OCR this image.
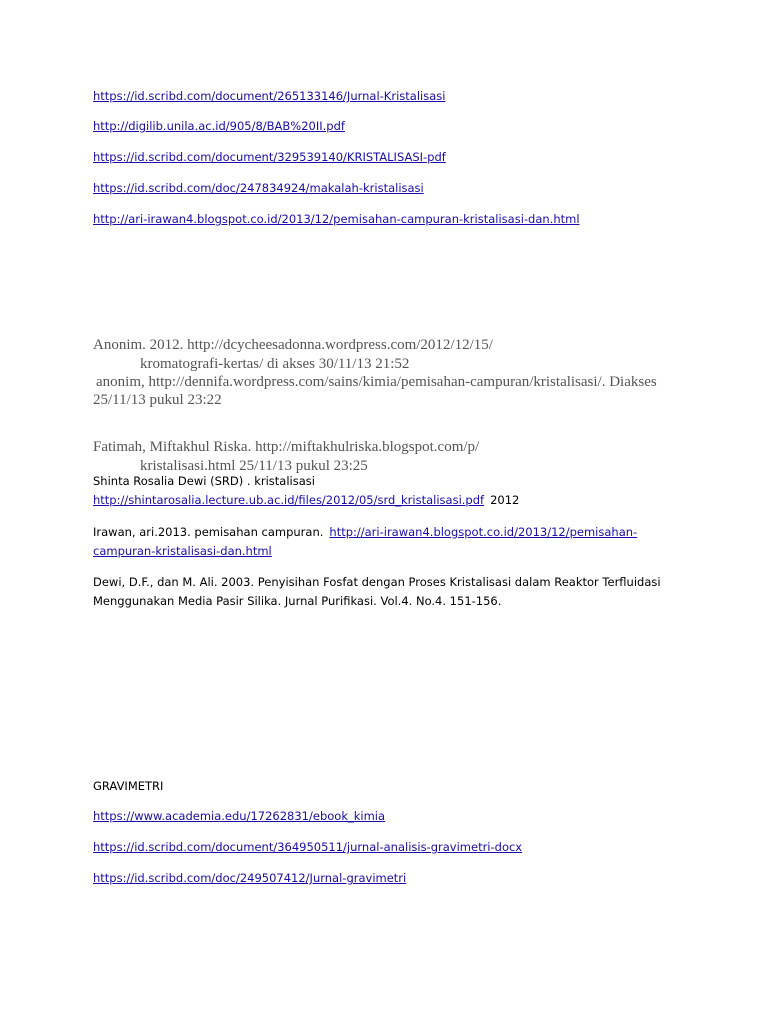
https://id.scribd.com/document/265133146/Jurnal-Kristalisasi
http://digilib.unila.ac.id/905/8/BAB%20II.pdf
https://id.scribd.com/document/329539140/KRISTALISASI-pdf
https://id.scribd.com/doc/247834924/makalah-kristalisasi
http://ari-irawan4.blogspot.co.id/2013/12/pemisahan-campuran-kristalisasi-dan.html
Anonim. 2012. http://dcycheesadonna.wordpress.com/2012/12/15/
kromatografi-kertas/ di akses 30/11/13 21:52
anonim, http://dennifa.wordpress.com/sains/kimia/pemisahan-campuran/kristalisasi/. Diakses
25/11/13 pukul 23:22
Fatimah, Miftakhul Riska. http://miftakhulriska.blogspot.com/p/
kristalisasi.html 25/11/13 pukul 23:25
Shinta Rosalia Dewi (SRD) . kristalisasi
http://shintarosalia.lecture.ub.ac.id/files/2012/05/srd_kristalisasi.pdf 2012
Irawan, ari.2013. pemisahan campuran. http://ari-irawan4.blogspot.co.id/2013/12/pemisahan-
campuran-kristalisasi-dan.html
Dewi, D.F., dan M. Ali. 2003. Penyisihan Fosfat dengan Proses Kristalisasi dalam Reaktor Terfluidasi
Menggunakan Media Pasir Silika. Jurnal Purifikasi. Vol.4. No.4. 151-156.
GRAVIMETRI
https://www.academia.edu/17262831/ebook_kimia
https://id.scribd.com/document/364950511/jurnal-analisis-gravimetri-docx
https://id.scribd.com/doc/249507412/Jurnal-gravimetri
